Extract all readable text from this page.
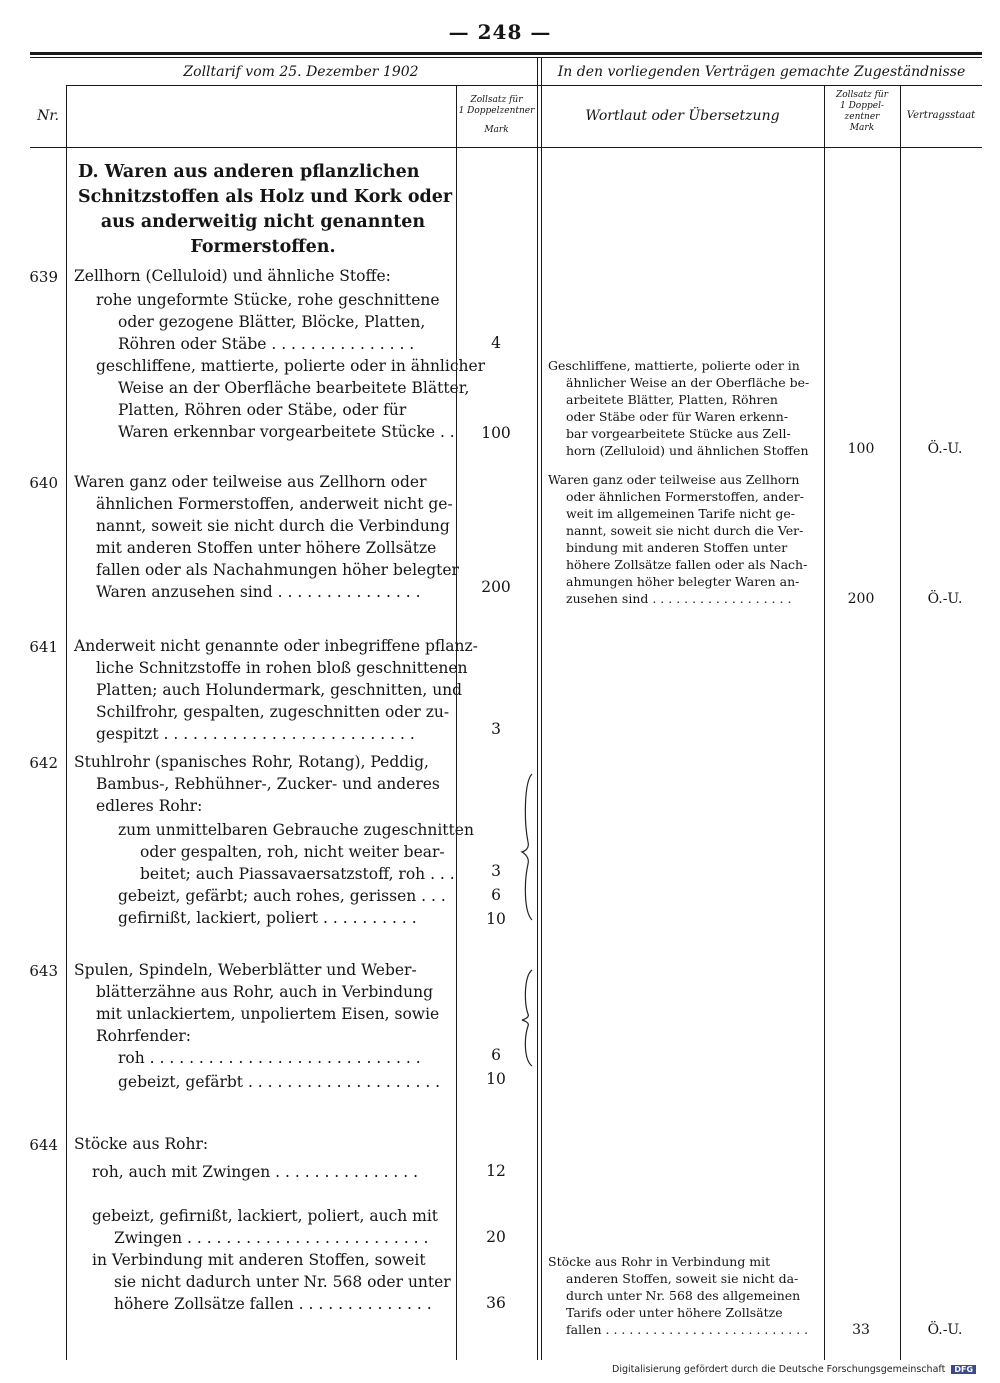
— 248 —
Zolltarif vom 25. Dezember 1902	In den vorliegenden Verträgen gemachte Zugeständnisse
Nr.
Zollsatz für
1 Doppelzentner
Mark
Wortlaut oder Übersetzung
Zollsatz für
1 Doppel-
zentner
Mark
Vertragsstaat
D. Waren aus anderen pflanzlichen
Schnitzstoffen als Holz und Kork oder
aus anderweitig nicht genannten
Formerstoffen.
639 Zellhorn (Celluloid) und ähnliche Stoffe:
rohe ungeformte Stücke, rohe geschnittene
oder gezogene Blätter, Blöcke, Platten,
Röhren oder Stäbe . . . . . . . . . . . . . . .	4
geschliffene, mattierte, polierte oder in ähnlicher
Weise an der Oberfläche bearbeitete Blätter,
Platten, Röhren oder Stäbe, oder für
Waren erkennbar vorgearbeitete Stücke . .	100
Geschliffene, mattierte, polierte oder in
ähnlicher Weise an der Oberfläche be-
arbeitete Blätter, Platten, Röhren
oder Stäbe oder für Waren erkenn-
bar vorgearbeitete Stücke aus Zell-
horn (Zelluloid) und ähnlichen Stoffen	100	Ö.-U.
640 Waren ganz oder teilweise aus Zellhorn oder
ähnlichen Formerstoffen, anderweit nicht ge-
nannt, soweit sie nicht durch die Verbindung
mit anderen Stoffen unter höhere Zollsätze
fallen oder als Nachahmungen höher belegter
Waren anzusehen sind . . . . . . . . . . . . . . .	200
Waren ganz oder teilweise aus Zellhorn
oder ähnlichen Formerstoffen, ander-
weit im allgemeinen Tarife nicht ge-
nannt, soweit sie nicht durch die Ver-
bindung mit anderen Stoffen unter
höhere Zollsätze fallen oder als Nach-
ahmungen höher belegter Waren an-
zusehen sind . . . . . . . . . . . . . . . . . .	200	Ö.-U.
641 Anderweit nicht genannte oder inbegriffene pflanz-
liche Schnitzstoffe in rohen bloß geschnittenen
Platten; auch Holundermark, geschnitten, und
Schilfrohr, gespalten, zugeschnitten oder zu-
gespitzt . . . . . . . . . . . . . . . . . . . . . . . . . .	3
642 Stuhlrohr (spanisches Rohr, Rotang), Peddig,
Bambus-, Rebhühner-, Zucker- und anderes
edleres Rohr:
zum unmittelbaren Gebrauche zugeschnitten
oder gespalten, roh, nicht weiter bear-
beitet; auch Piassavaersatzstoff, roh . . .	3
gebeizt, gefärbt; auch rohes, gerissen . . .	6
gefirnißt, lackiert, poliert . . . . . . . . . .	10
643 Spulen, Spindeln, Weberblätter und Weber-
blätterzähne aus Rohr, auch in Verbindung
mit unlackiertem, unpoliertem Eisen, sowie
Rohrfender:
roh . . . . . . . . . . . . . . . . . . . . . . . . . . . .	6
gebeizt, gefärbt . . . . . . . . . . . . . . . . . . . .	10
644 Stöcke aus Rohr:
roh, auch mit Zwingen . . . . . . . . . . . . . . .	12
gebeizt, gefirnißt, lackiert, poliert, auch mit
Zwingen . . . . . . . . . . . . . . . . . . . . . . . . .	20
in Verbindung mit anderen Stoffen, soweit
sie nicht dadurch unter Nr. 568 oder unter
höhere Zollsätze fallen . . . . . . . . . . . . . .	36
Stöcke aus Rohr in Verbindung mit
anderen Stoffen, soweit sie nicht da-
durch unter Nr. 568 des allgemeinen
Tarifs oder unter höhere Zollsätze
fallen . . . . . . . . . . . . . . . . . . . . . . . . . .	33	Ö.-U.
Digitalisierung gefördert durch die Deutsche Forschungsgemeinschaft DFG
